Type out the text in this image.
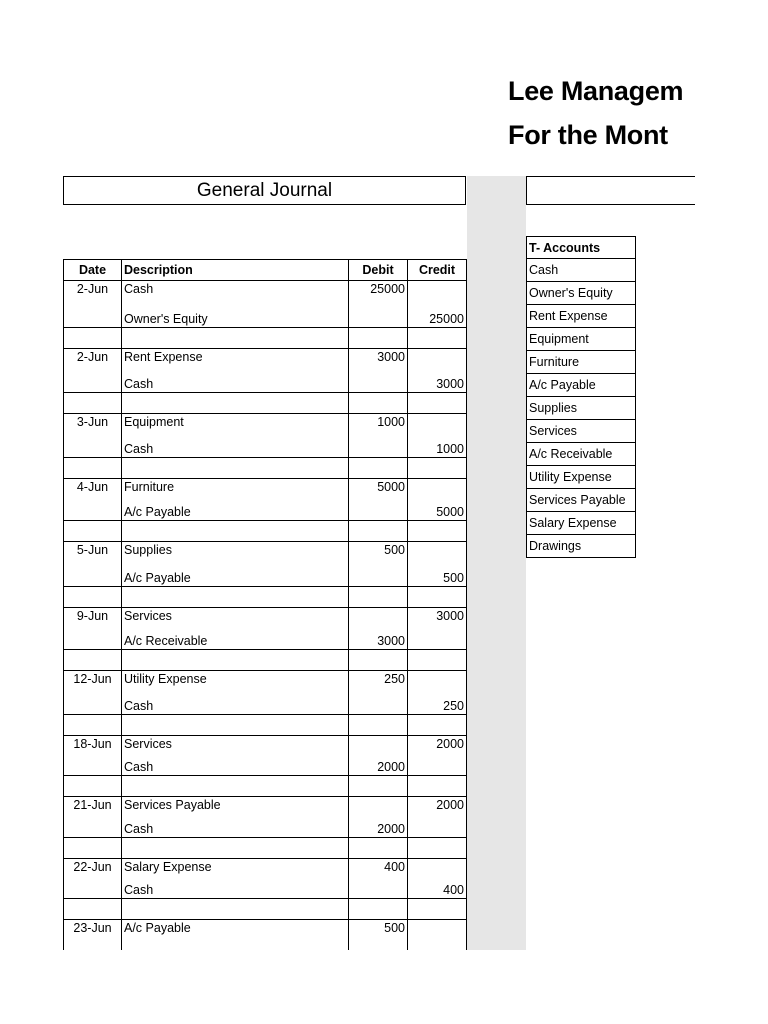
Lee Managem
For the Mont
General Journal
Date	Description	Debit	Credit
2-Jun	Cash	25000	
	Owner's Equity		25000

2-Jun	Rent Expense	3000	
	Cash		3000

3-Jun	Equipment	1000	
	Cash		1000

4-Jun	Furniture	5000	
	A/c Payable		5000

5-Jun	Supplies	500	
	A/c Payable		500

9-Jun	Services		3000
	A/c Receivable	3000	

12-Jun	Utility Expense	250	
	Cash		250

18-Jun	Services		2000
	Cash	2000	

21-Jun	Services Payable		2000
	Cash	2000	

22-Jun	Salary Expense	400	
	Cash		400

23-Jun	A/c Payable	500	

T- Accounts
Cash
Owner's Equity
Rent Expense
Equipment
Furniture
A/c Payable
Supplies
Services
A/c Receivable
Utility Expense
Services Payable
Salary Expense
Drawings
